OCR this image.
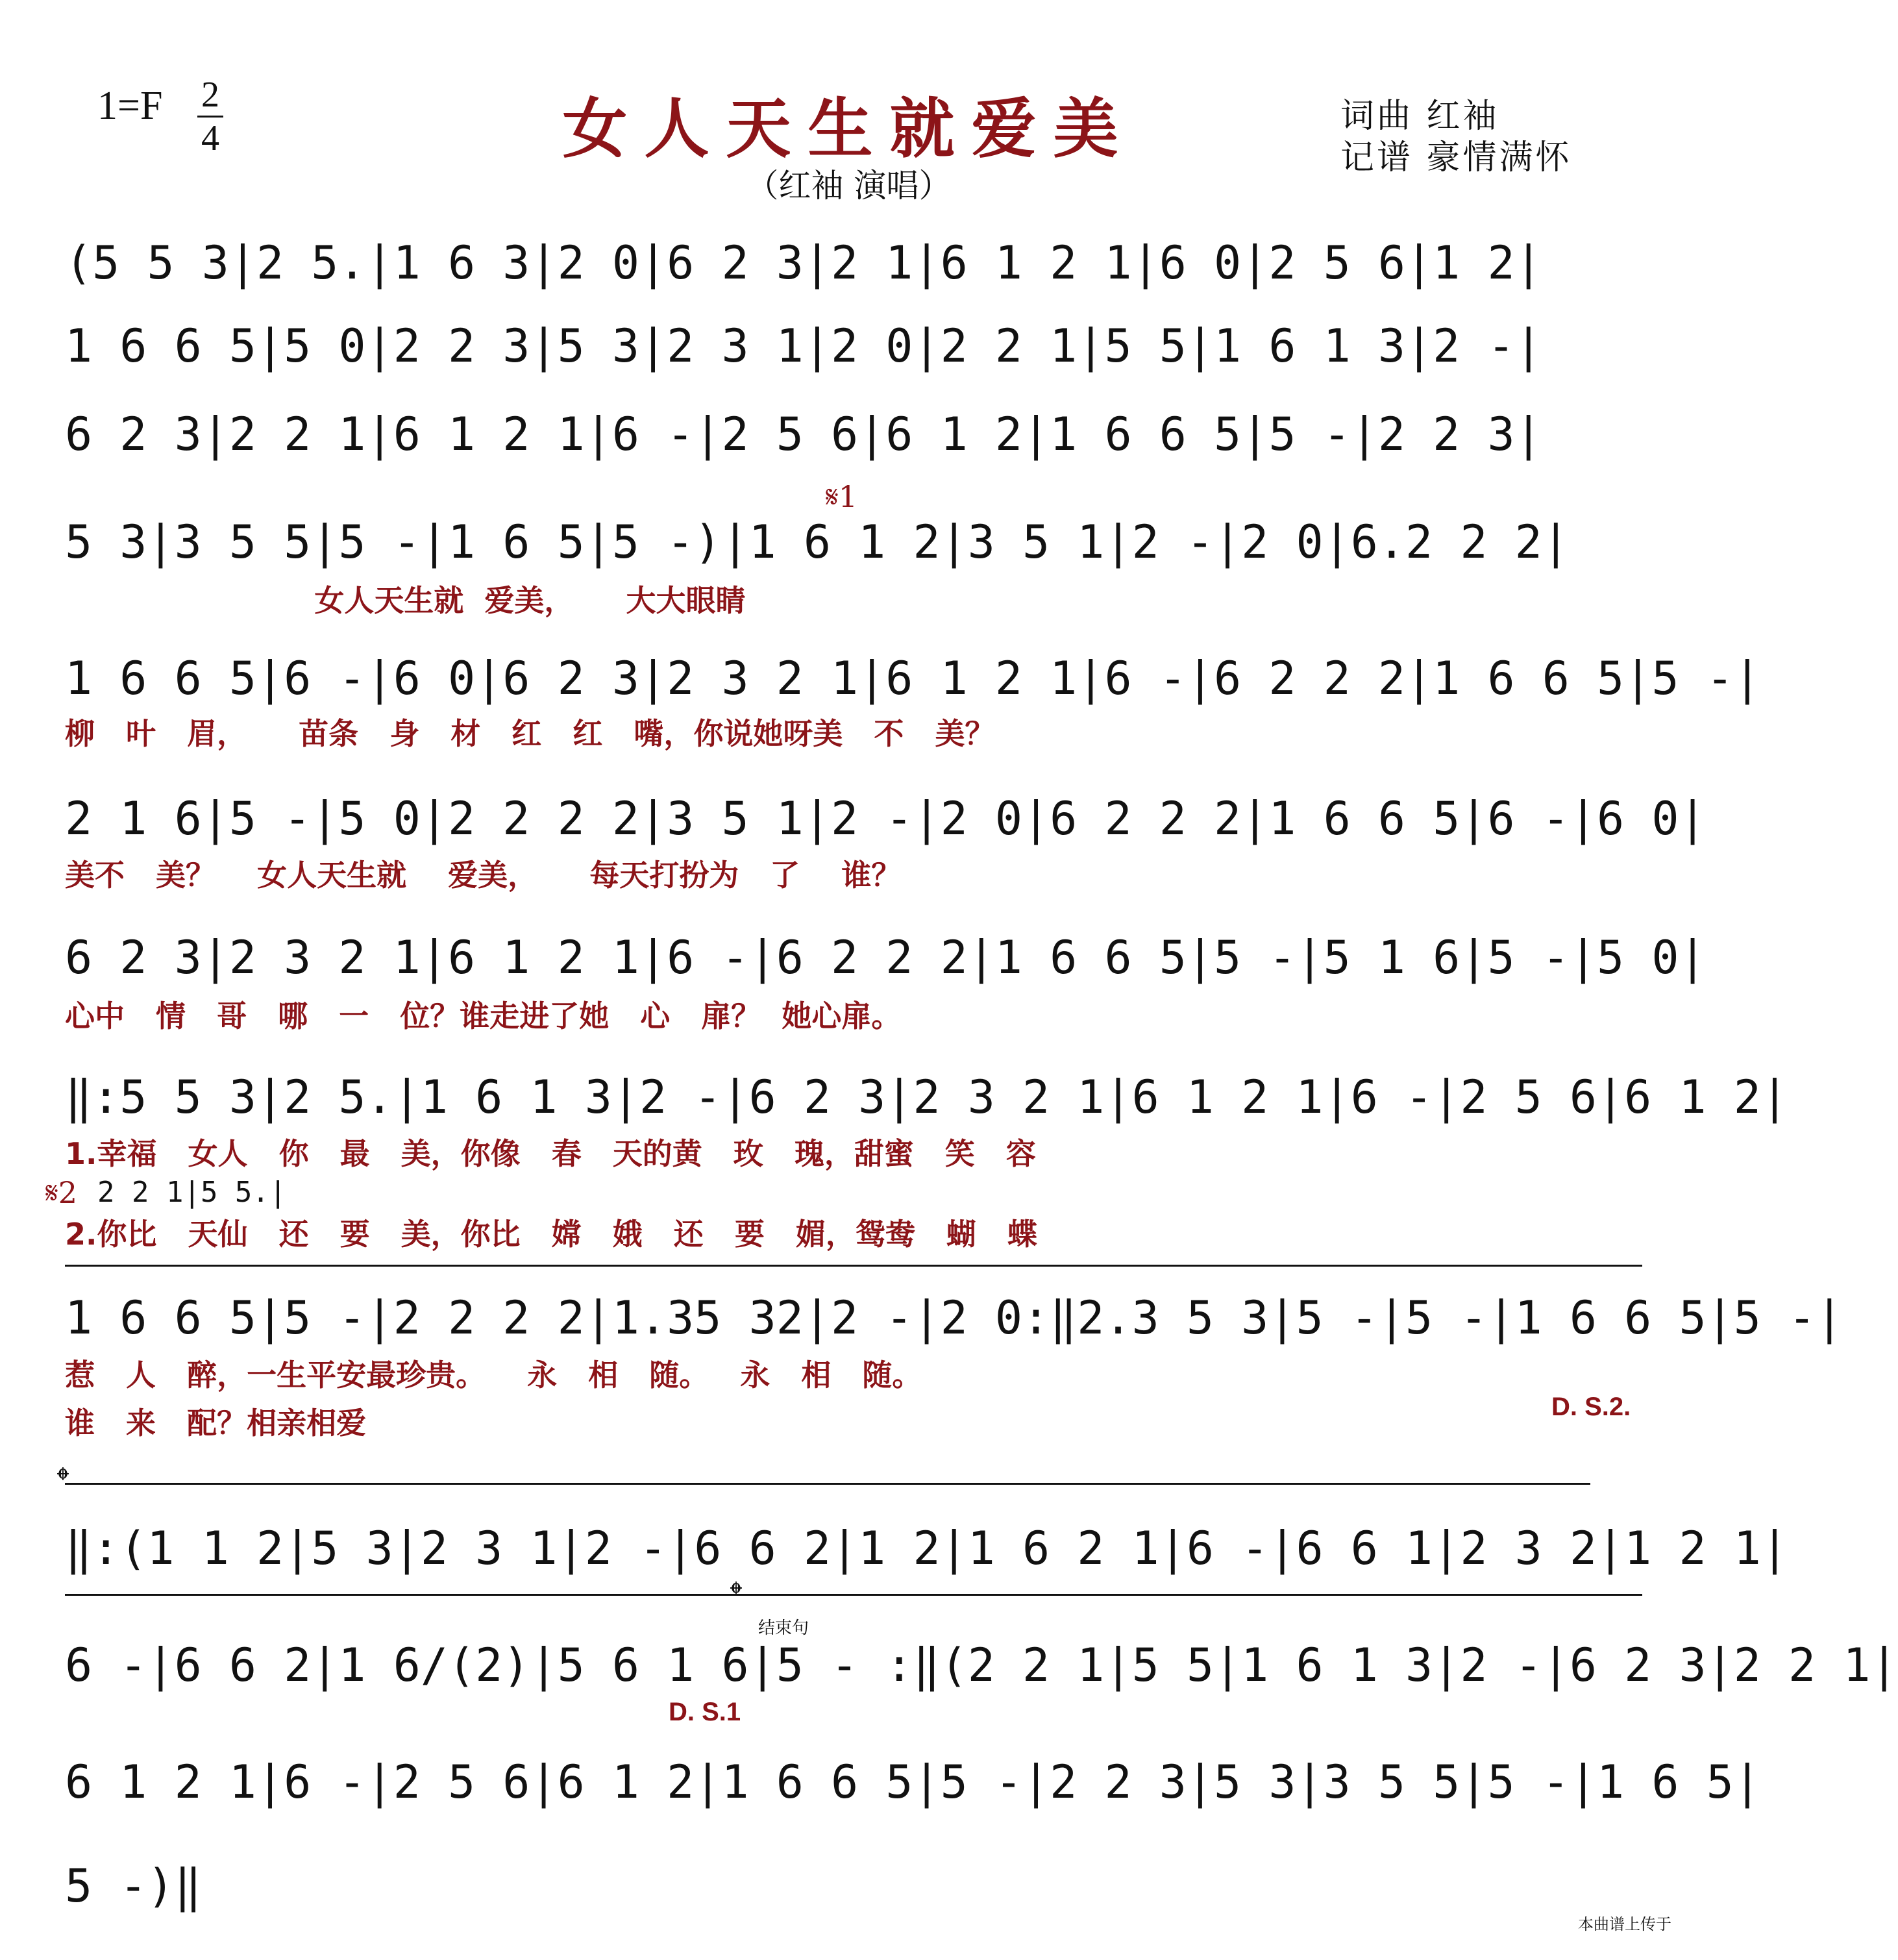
1=F 2
4	女人天生就爱美
（红袖 演唱）
词曲 红袖
记谱 豪情满怀
(5 5 3|2 5.|1 6 3|2 0|6 2 3|2 1|6 1 2 1|6 0|2 5 6|1 2|
1 6 6 5|5 0|2 2 3|5 3|2 3 1|2 0|2 2 1|5 5|1 6 1 3|2 -|
6 2 3|2 2 1|6 1 2 1|6 -|2 5 6|6 1 2|1 6 6 5|5 -|2 2 3|
𝄋1
5 3|3 5 5|5 -|1 6 5|5 -)|1 6 1 2|3 5 1|2 -|2 0|6.2 2 2|
女人天生就  爱美，     大大眼睛
1 6 6 5|6 -|6 0|6 2 3|2 3 2 1|6 1 2 1|6 -|6 2 2 2|1 6 6 5|5 -|
柳   叶   眉，     苗条   身   材   红   红   嘴，你说她呀美   不   美？
2 1 6|5 -|5 0|2 2 2 2|3 5 1|2 -|2 0|6 2 2 2|1 6 6 5|6 -|6 0|
美不   美？    女人天生就    爱美，     每天打扮为   了    谁？
6 2 3|2 3 2 1|6 1 2 1|6 -|6 2 2 2|1 6 6 5|5 -|5 1 6|5 -|5 0|
心中   情   哥   哪   一   位？谁走进了她   心   扉？  她心扉。
‖:5 5 3|2 5.|1 6 1 3|2 -|6 2 3|2 3 2 1|6 1 2 1|6 -|2 5 6|6 1 2|
1.幸福   女人   你   最   美，你像   春   天的黄   玫   瑰，甜蜜   笑   容
𝄋2 2 2 1|5 5.|
2.你比   天仙   还   要   美，你比   嫦   娥   还   要   媚，鸳鸯   蝴   蝶
1 6 6 5|5 -|2 2 2 2|1.35 32|2 -|2 0:‖2.3 5 3|5 -|5 -|1 6 6 5|5 -|
惹   人   醉，一生平安最珍贵。    永   相   随。   永   相   随。
谁   来   配？相亲相爱	D. S.2.
𝄌
‖:(1 1 2|5 3|2 3 1|2 -|6 6 2|1 2|1 6 2 1|6 -|6 6 1|2 3 2|1 2 1|
𝄌
结束句
6 -|6 6 2|1 6/(2)|5 6 1 6|5 - :‖(2 2 1|5 5|1 6 1 3|2 -|6 2 3|2 2 1|
D. S.1
6 1 2 1|6 -|2 5 6|6 1 2|1 6 6 5|5 -|2 2 3|5 3|3 5 5|5 -|1 6 5|
5 -)‖
本曲谱上传于
